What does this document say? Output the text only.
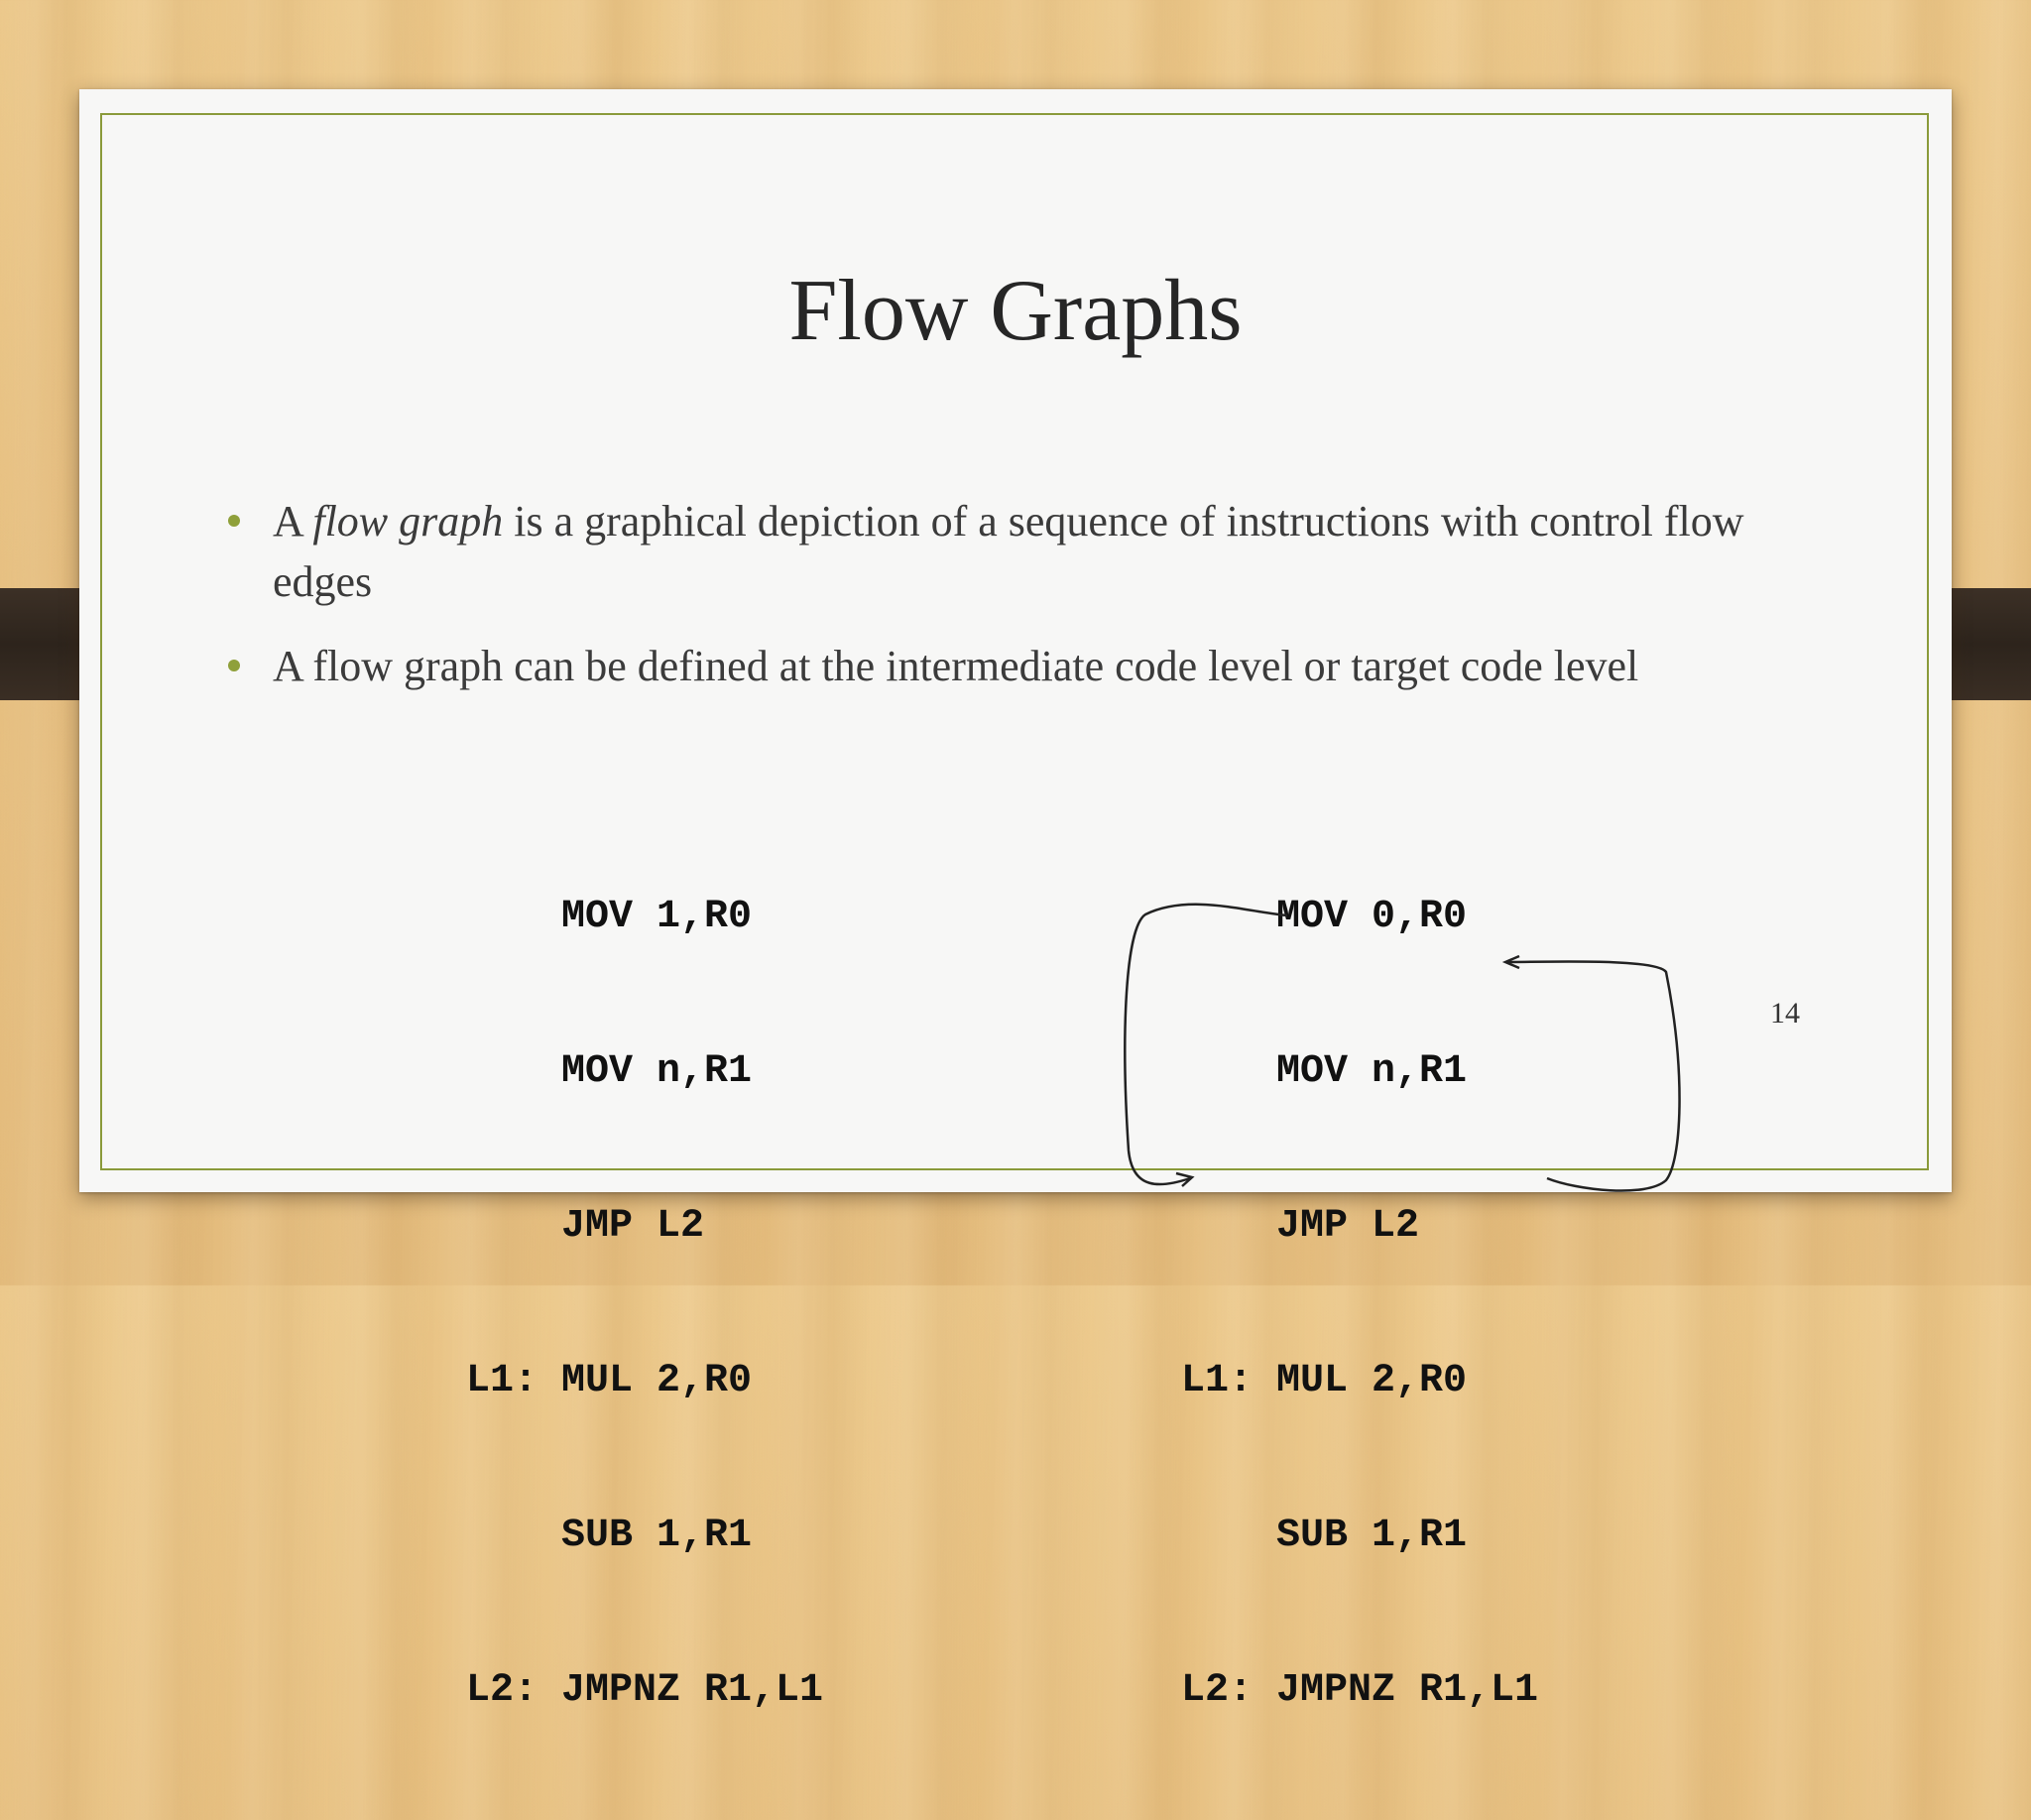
Flow Graphs
A flow graph is a graphical depiction of a sequence of instructions with control flow edges
A flow graph can be defined at the intermediate code level or target code level

MOV 1,R0

MOV n,R1

JMP L2

L1: MUL 2,R0

SUB 1,R1

L2: JMPNZ R1,L1

MOV 0,R0

MOV n,R1

JMP L2

L1: MUL 2,R0

SUB 1,R1

L2: JMPNZ R1,L1

14
